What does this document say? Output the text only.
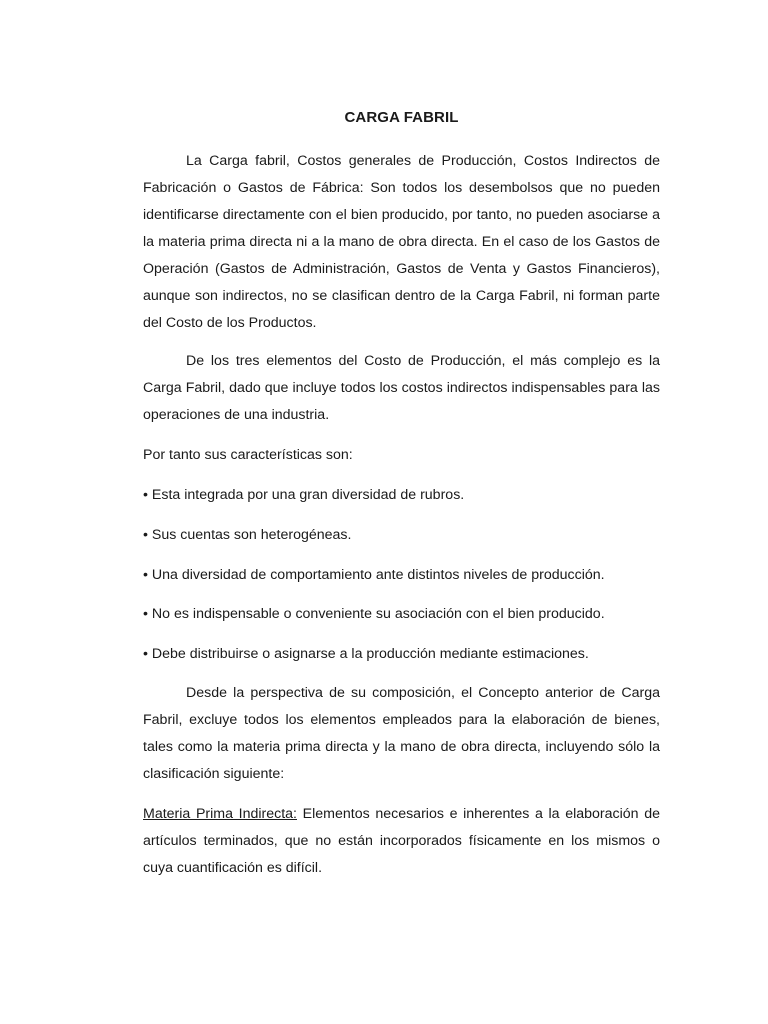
CARGA FABRIL

La Carga fabril, Costos generales de Producción, Costos Indirectos de Fabricación o Gastos de Fábrica: Son todos los desembolsos que no pueden identificarse directamente con el bien producido, por tanto, no pueden asociarse a la materia prima directa ni a la mano de obra directa. En el caso de los Gastos de Operación (Gastos de Administración, Gastos de Venta y Gastos Financieros), aunque son indirectos, no se clasifican dentro de la Carga Fabril, ni forman parte del Costo de los Productos.

De los tres elementos del Costo de Producción, el más complejo es la Carga Fabril, dado que incluye todos los costos indirectos indispensables para las operaciones de una industria.

Por tanto sus características son:

• Esta integrada por una gran diversidad de rubros.

• Sus cuentas son heterogéneas.

• Una diversidad de comportamiento ante distintos niveles de producción.

• No es indispensable o conveniente su asociación con el bien producido.

• Debe distribuirse o asignarse a la producción mediante estimaciones.

Desde la perspectiva de su composición, el Concepto anterior de Carga Fabril, excluye todos los elementos empleados para la elaboración de bienes, tales como la materia prima directa y la mano de obra directa, incluyendo sólo la clasificación siguiente:

Materia Prima Indirecta: Elementos necesarios e inherentes a la elaboración de artículos terminados, que no están incorporados físicamente en los mismos o cuya cuantificación es difícil.
